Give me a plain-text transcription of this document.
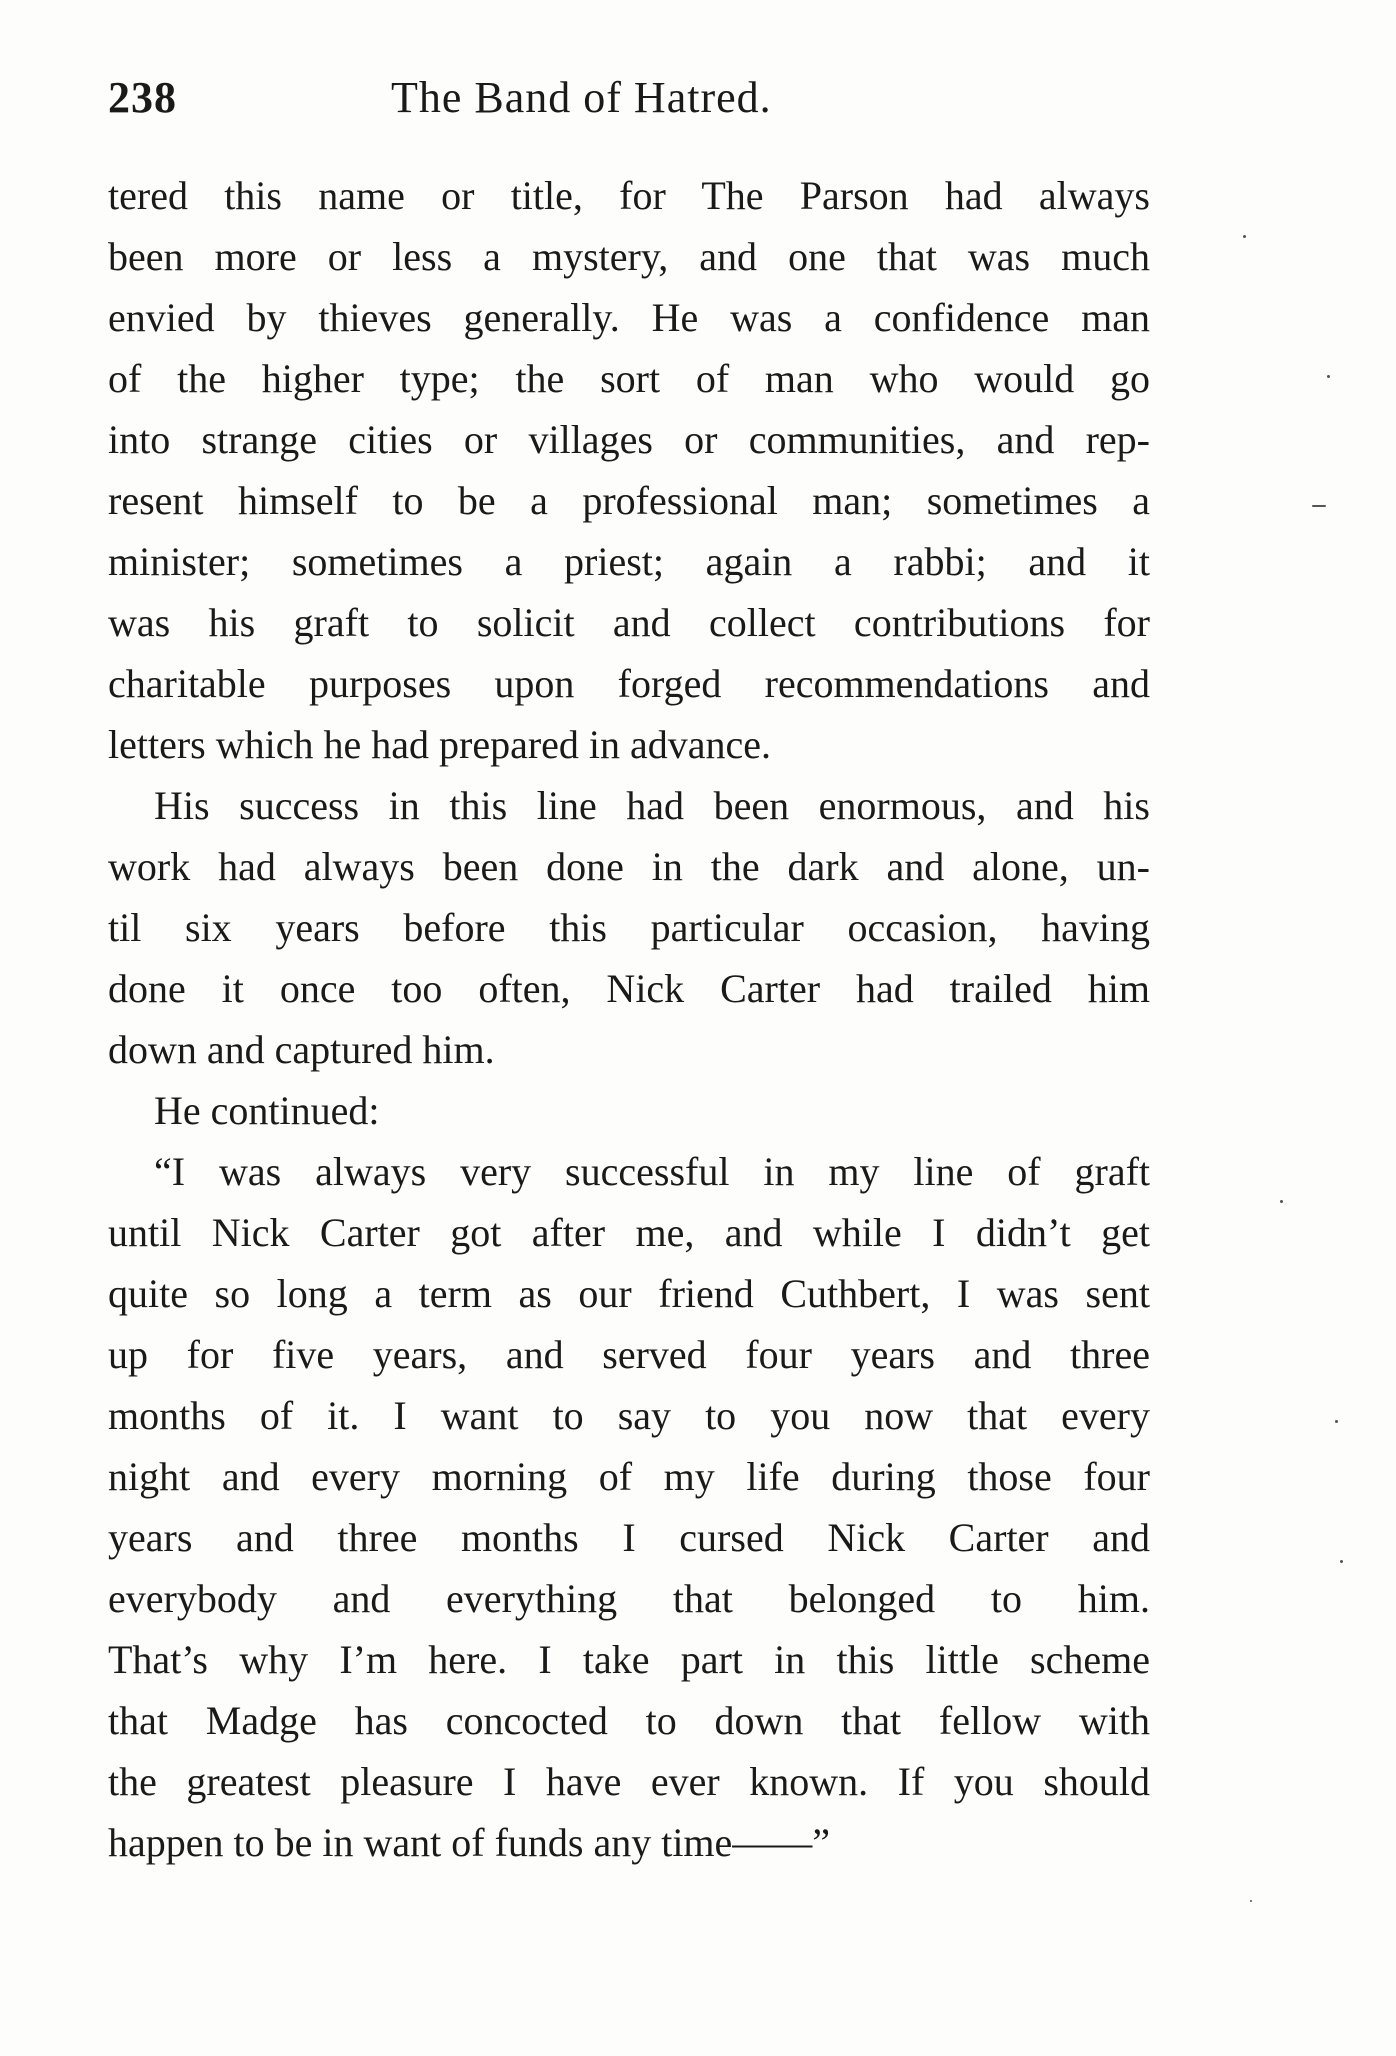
238	The Band of Hatred.
tered this name or title, for The Parson had always
been more or less a mystery, and one that was much
envied by thieves generally. He was a confidence man
of the higher type; the sort of man who would go
into strange cities or villages or communities, and rep-
resent himself to be a professional man; sometimes a
minister; sometimes a priest; again a rabbi; and it
was his graft to solicit and collect contributions for
charitable purposes upon forged recommendations and
letters which he had prepared in advance.
His success in this line had been enormous, and his
work had always been done in the dark and alone, un-
til six years before this particular occasion, having
done it once too often, Nick Carter had trailed him
down and captured him.
He continued:
“I was always very successful in my line of graft
until Nick Carter got after me, and while I didn’t get
quite so long a term as our friend Cuthbert, I was sent
up for five years, and served four years and three
months of it. I want to say to you now that every
night and every morning of my life during those four
years and three months I cursed Nick Carter and
everybody and everything that belonged to him.
That’s why I’m here. I take part in this little scheme
that Madge has concocted to down that fellow with
the greatest pleasure I have ever known. If you should
happen to be in want of funds any time——”
